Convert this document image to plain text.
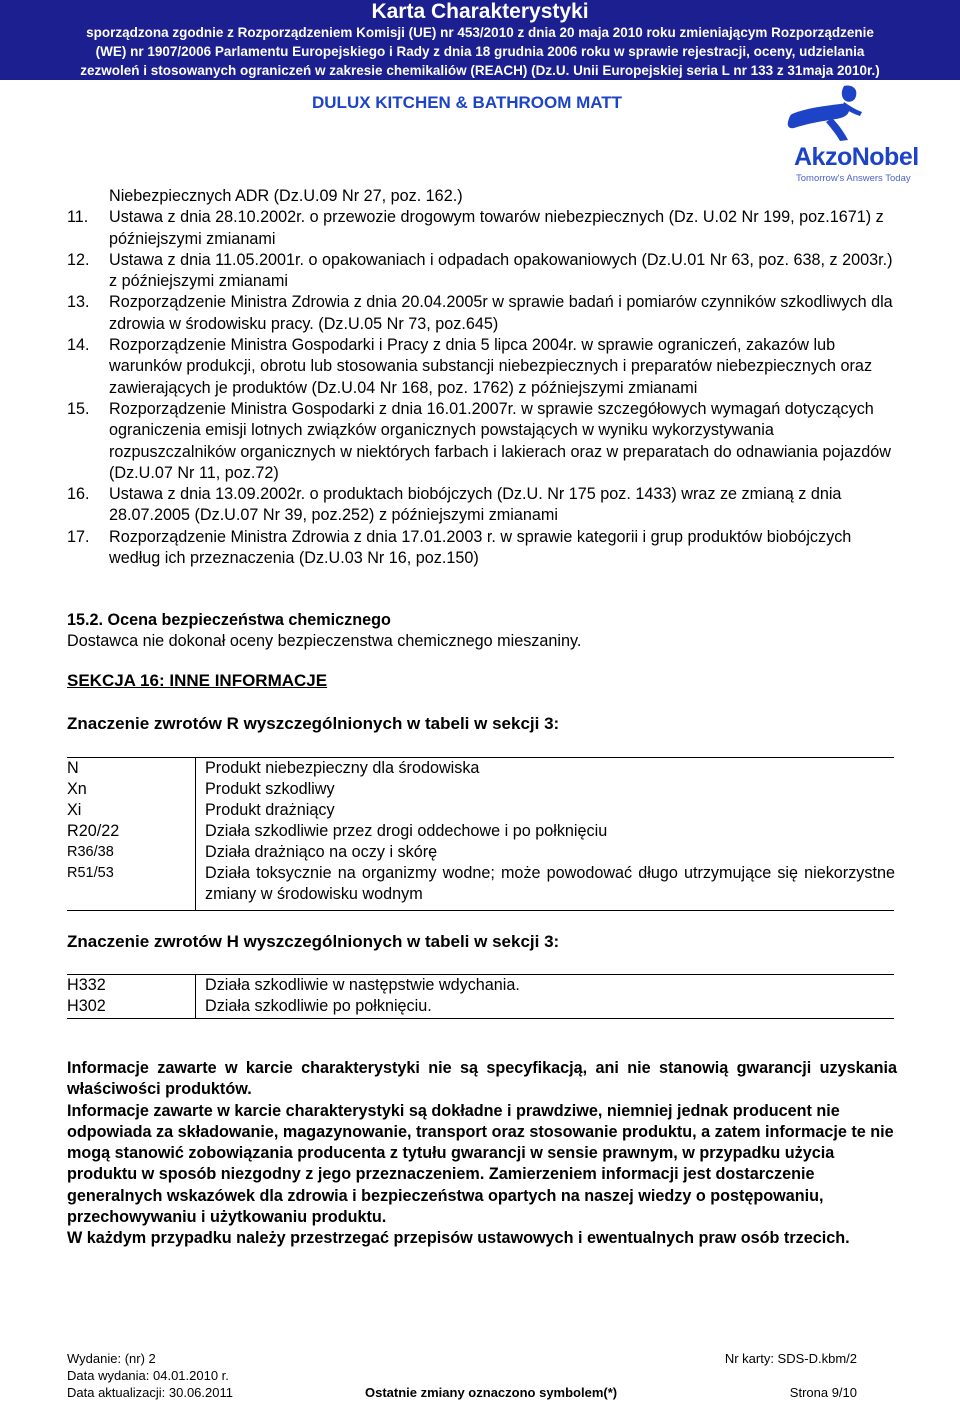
Karta Charakterystyki
sporządzona zgodnie z Rozporządzeniem Komisji (UE) nr 453/2010 z dnia 20 maja 2010 roku zmieniającym Rozporządzenie
(WE) nr 1907/2006 Parlamentu Europejskiego i Rady z dnia 18 grudnia 2006 roku w sprawie rejestracji, oceny, udzielania
zezwoleń i stosowanych ograniczeń w zakresie chemikaliów (REACH) (Dz.U. Unii Europejskiej seria L nr 133 z 31maja 2010r.)
DULUX KITCHEN & BATHROOM MATT
AkzoNobel
Tomorrow's Answers Today
Niebezpiecznych ADR (Dz.U.09 Nr 27, poz. 162.)
11. Ustawa z dnia 28.10.2002r. o przewozie drogowym towarów niebezpiecznych (Dz. U.02 Nr 199, poz.1671) z późniejszymi zmianami
12. Ustawa z dnia 11.05.2001r. o opakowaniach i odpadach opakowaniowych (Dz.U.01 Nr 63, poz. 638, z 2003r.) z późniejszymi zmianami
13. Rozporządzenie Ministra Zdrowia z dnia 20.04.2005r w sprawie badań i pomiarów czynników szkodliwych dla zdrowia w środowisku pracy. (Dz.U.05 Nr 73, poz.645)
14. Rozporządzenie Ministra Gospodarki i Pracy z dnia 5 lipca 2004r. w sprawie ograniczeń, zakazów lub warunków produkcji, obrotu lub stosowania substancji niebezpiecznych i preparatów niebezpiecznych oraz zawierających je produktów (Dz.U.04 Nr 168, poz. 1762) z późniejszymi zmianami
15. Rozporządzenie Ministra Gospodarki z dnia 16.01.2007r. w sprawie szczegółowych wymagań dotyczących ograniczenia emisji lotnych związków organicznych powstających w wyniku wykorzystywania rozpuszczalników organicznych w niektórych farbach i lakierach oraz w preparatach do odnawiania pojazdów (Dz.U.07 Nr 11, poz.72)
16. Ustawa z dnia 13.09.2002r. o produktach biobójczych (Dz.U. Nr 175 poz. 1433) wraz ze zmianą z dnia 28.07.2005 (Dz.U.07 Nr 39, poz.252) z późniejszymi zmianami
17. Rozporządzenie Ministra Zdrowia z dnia 17.01.2003 r. w sprawie kategorii i grup produktów biobójczych według ich przeznaczenia (Dz.U.03 Nr 16, poz.150)
15.2. Ocena bezpieczeństwa chemicznego
Dostawca nie dokonał oceny bezpieczenstwa chemicznego mieszaniny.
SEKCJA 16: INNE INFORMACJE
Znaczenie zwrotów R wyszczególnionych w tabeli w sekcji 3:
N	Produkt niebezpieczny dla środowiska
Xn	Produkt szkodliwy
Xi	Produkt drażniący
R20/22	Działa szkodliwie przez drogi oddechowe i po połknięciu
R36/38	Działa drażniąco na oczy i skórę
R51/53	Działa toksycznie na organizmy wodne; może powodować długo utrzymujące się niekorzystne zmiany w środowisku wodnym
Znaczenie zwrotów H wyszczególnionych w tabeli w sekcji 3:
H332	Działa szkodliwie w następstwie wdychania.
H302	Działa szkodliwie po połknięciu.

Informacje zawarte w karcie charakterystyki nie są specyfikacją, ani nie stanowią gwarancji uzyskania właściwości produktów.

Informacje zawarte w karcie charakterystyki są dokładne i prawdziwe, niemniej jednak producent nie odpowiada za składowanie, magazynowanie, transport oraz stosowanie produktu, a zatem informacje te nie mogą stanowić zobowiązania producenta z tytułu gwarancji w sensie prawnym, w przypadku użycia produktu w sposób niezgodny z jego przeznaczeniem. Zamierzeniem informacji jest dostarczenie generalnych wskazówek dla zdrowia i bezpieczeństwa opartych na naszej wiedzy o postępowaniu, przechowywaniu i użytkowaniu produktu.

W każdym przypadku należy przestrzegać przepisów ustawowych i ewentualnych praw osób trzecich.

Wydanie: (nr) 2	Nr karty: SDS-D.kbm/2
Data wydania: 04.01.2010 r.
Data aktualizacji: 30.06.2011	Ostatnie zmiany oznaczono symbolem(*)	Strona 9/10
